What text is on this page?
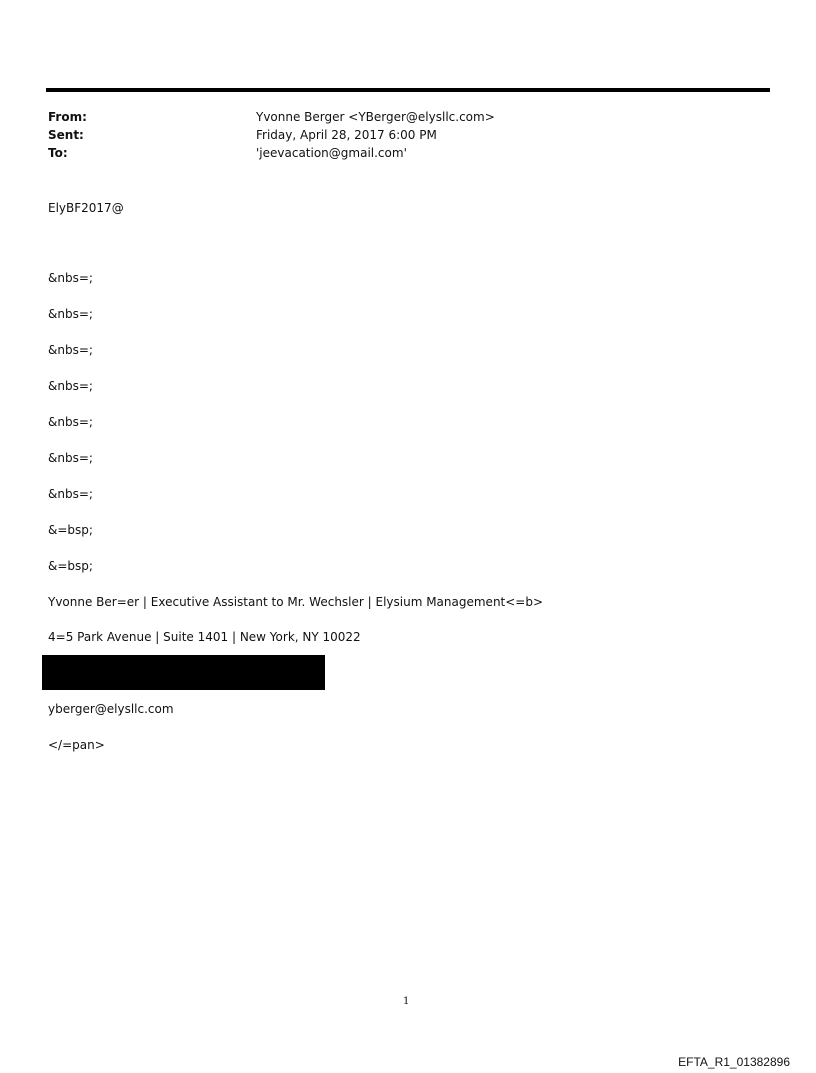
From:	Yvonne Berger <YBerger@elysllc.com>
Sent:	Friday, April 28, 2017 6:00 PM
To:	'jeevacation@gmail.com'
ElyBF2017@
&nbs=;
&nbs=;
&nbs=;
&nbs=;
&nbs=;
&nbs=;
&nbs=;
&=bsp;
&=bsp;
Yvonne Ber=er | Executive Assistant to Mr. Wechsler | Elysium Management<=b>
4=5 Park Avenue | Suite 1401 | New York, NY 10022
yberger@elysllc.com
</=pan>
1
EFTA_R1_01382896
